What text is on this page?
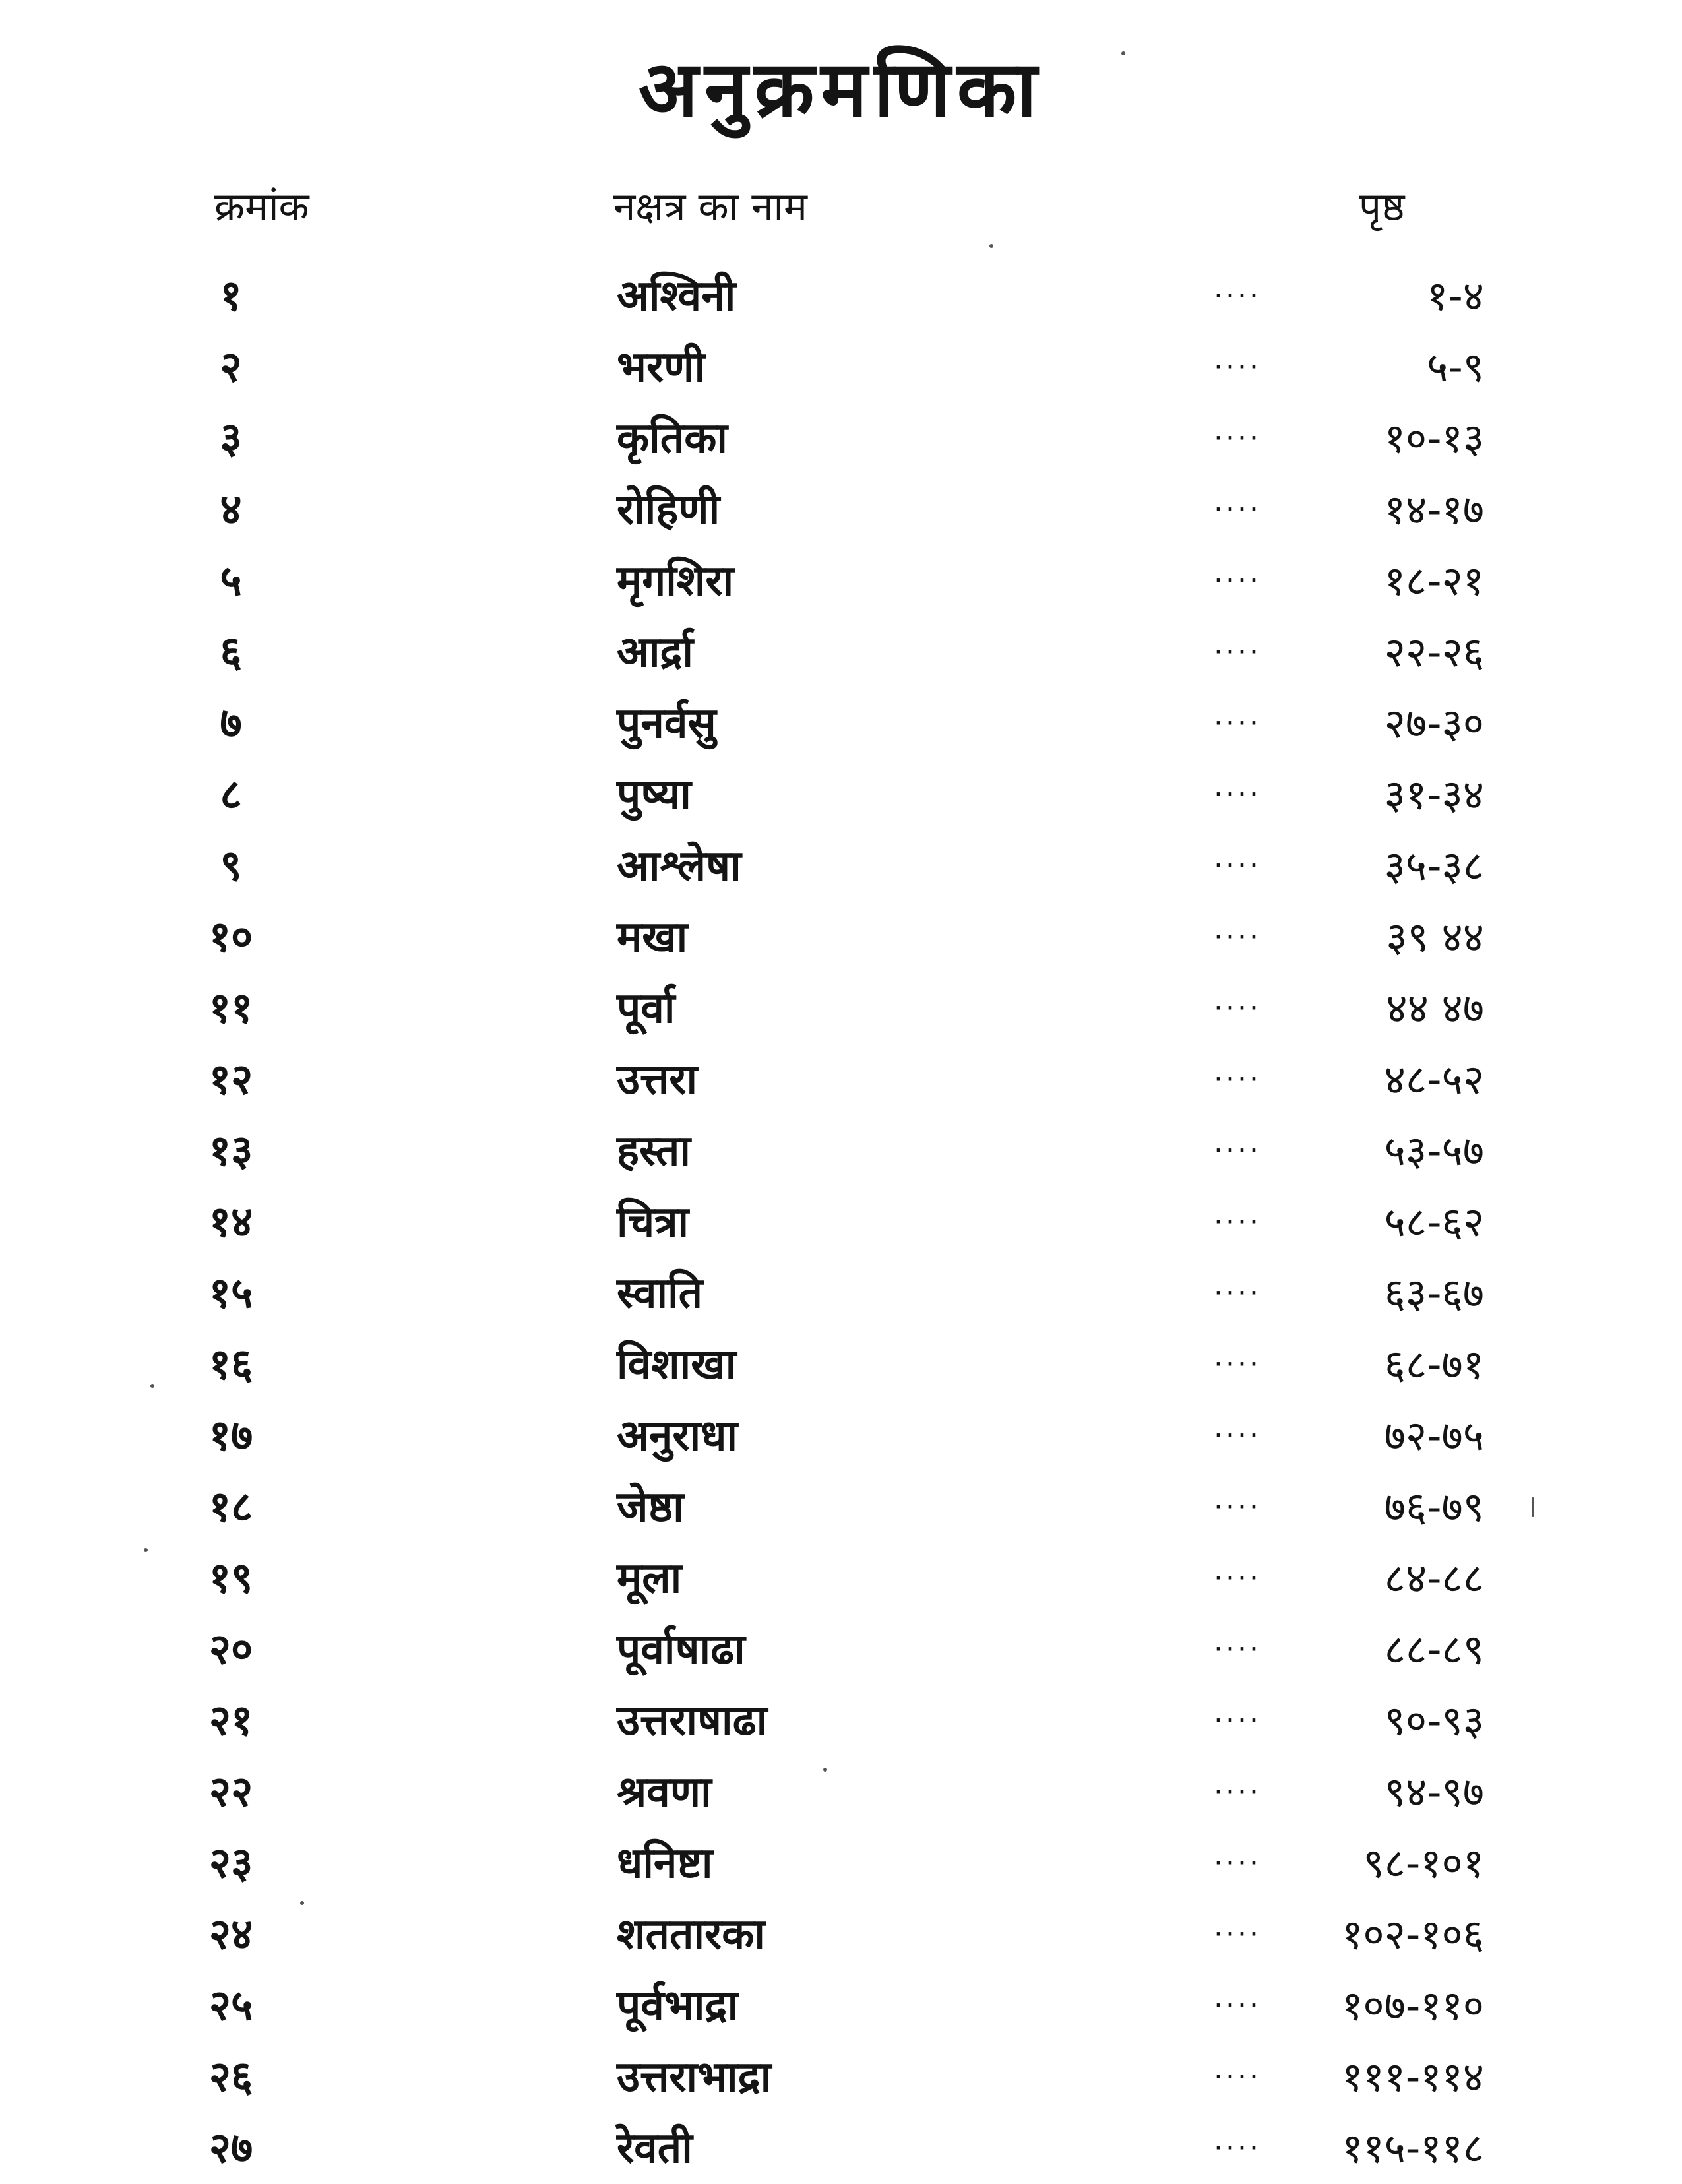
अनुक्रमणिका
क्रमांक	नक्षत्र का नाम	पृष्ठ
१	अश्विनी	····	१-४
२	भरणी	····	५-९
३	कृतिका	····	१०-१३
४	रोहिणी	····	१४-१७
५	मृगशिरा	····	१८-२१
६	आर्द्रा	····	२२-२६
७	पुनर्वसु	····	२७-३०
८	पुष्या	····	३१-३४
९	आश्लेषा	····	३५-३८
१०	मखा	····	३९ ४४
११	पूर्वा	····	४४ ४७
१२	उत्तरा	····	४८-५२
१३	हस्ता	····	५३-५७
१४	चित्रा	····	५८-६२
१५	स्वाति	····	६३-६७
१६	विशाखा	····	६८-७१
१७	अनुराधा	····	७२-७५
१८	जेष्ठा	····	७६-७९
१९	मूला	····	८४-८८
२०	पूर्वाषाढा	····	८८-८९
२१	उत्तराषाढा	····	९०-९३
२२	श्रवणा	····	९४-९७
२३	धनिष्टा	···· ९८-१०१
२४	शततारका	···· १०२-१०६
२५	पूर्वभाद्रा	···· १०७-११०
२६	उत्तराभाद्रा	···· १११-११४
२७	रेवती	···· ११५-११८
